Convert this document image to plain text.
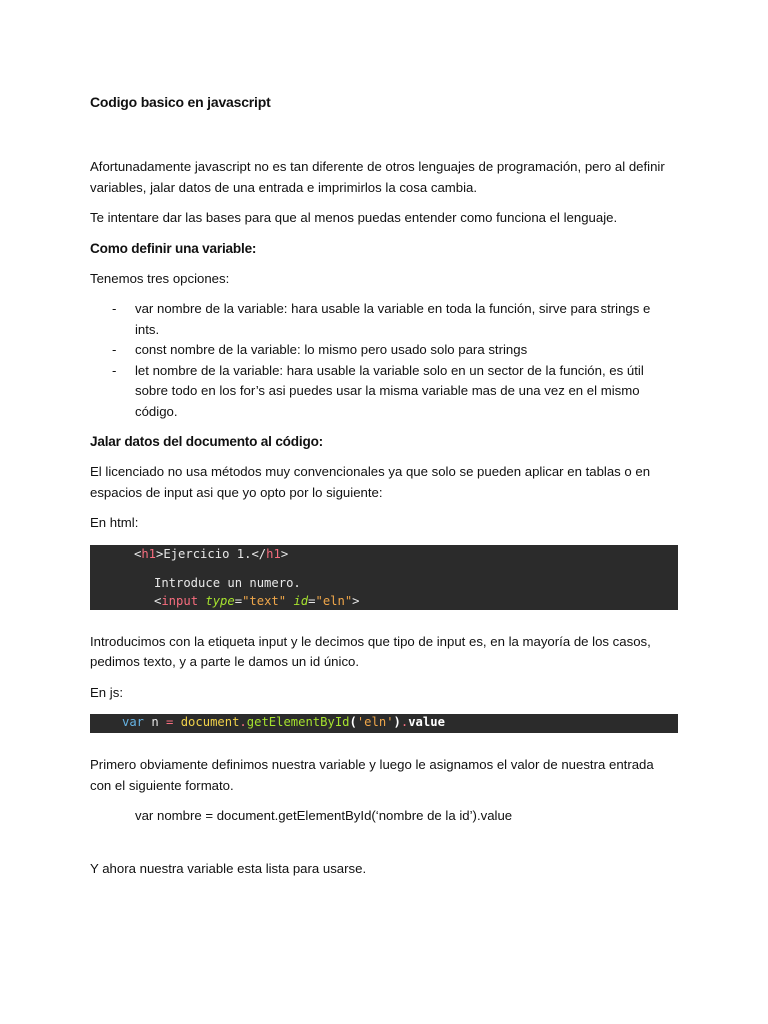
Codigo basico en javascript

Afortunadamente javascript no es tan diferente de otros lenguajes de programación, pero al definir variables, jalar datos de una entrada e imprimirlos la cosa cambia.

Te intentare dar las bases para que al menos puedas entender como funciona el lenguaje.

Como definir una variable:

Tenemos tres opciones:

- var nombre de la variable: hara usable la variable en toda la función, sirve para strings e ints.
- const nombre de la variable: lo mismo pero usado solo para strings
- let nombre de la variable: hara usable la variable solo en un sector de la función, es útil sobre todo en los for’s asi puedes usar la misma variable mas de una vez en el mismo código.
Jalar datos del documento al código:

El licenciado no usa métodos muy convencionales ya que solo se pueden aplicar en tablas o en espacios de input asi que yo opto por lo siguiente:

En html:

<h1>Ejercicio 1.</h1>
Introduce un numero.
<input type="text" id="eln">

Introducimos con la etiqueta input y le decimos que tipo de input es, en la mayoría de los casos, pedimos texto, y a parte le damos un id único.

En js:

var n = document.getElementById('eln').value

Primero obviamente definimos nuestra variable y luego le asignamos el valor de nuestra entrada con el siguiente formato.

var nombre = document.getElementById(‘nombre de la id’).value

Y ahora nuestra variable esta lista para usarse.
